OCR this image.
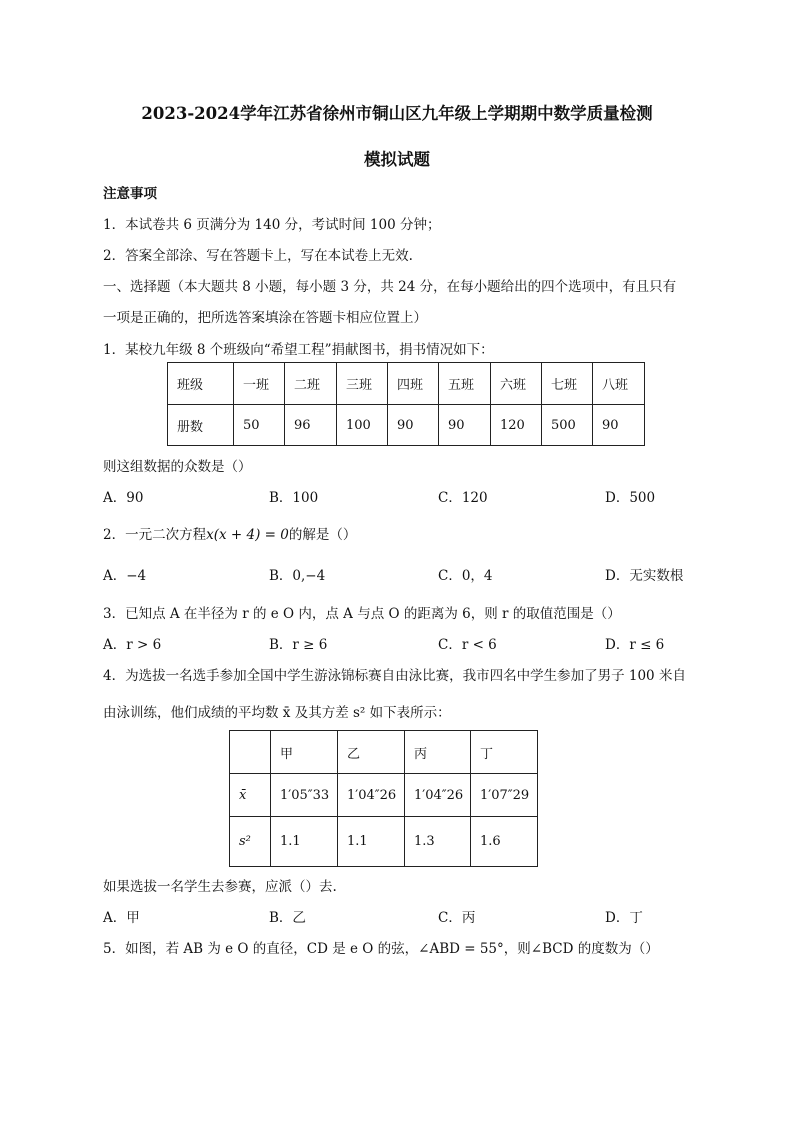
2023-2024学年江苏省徐州市铜山区九年级上学期期中数学质量检测
模拟试题
注意事项
1．本试卷共 6 页满分为 140 分，考试时间 100 分钟；
2．答案全部涂、写在答题卡上，写在本试卷上无效.
一、选择题（本大题共 8 小题，每小题 3 分，共 24 分，在每小题给出的四个选项中，有且只有
一项是正确的，把所选答案填涂在答题卡相应位置上）
1．某校九年级 8 个班级向“希望工程”捐献图书，捐书情况如下：
班级	一班	二班	三班	四班	五班	六班	七班	八班
册数	50	96	100	90	90	120	500	90
则这组数据的众数是（）
A．90	B．100	C．120	D．500
2．一元二次方程x(x + 4) = 0的解是（）
A．−4	B．0,−4	C．0，4	D．无实数根
3．已知点 A 在半径为 r 的 e O 内，点 A 与点 O 的距离为 6，则 r 的取值范围是（）
A．r > 6	B．r ≥ 6	C．r < 6	D．r ≤ 6
4．为选拔一名选手参加全国中学生游泳锦标赛自由泳比赛，我市四名中学生参加了男子 100 米自
由泳训练，他们成绩的平均数 x̄ 及其方差 s² 如下表所示：
	甲	乙	丙	丁
x̄	1′05″33	1′04″26	1′04″26	1′07″29
s²	1.1	1.1	1.3	1.6
如果选拔一名学生去参赛，应派（）去.
A．甲	B．乙	C．丙	D．丁
5．如图，若 AB 为 e O 的直径，CD 是 e O 的弦，∠ABD = 55°，则∠BCD 的度数为（）
